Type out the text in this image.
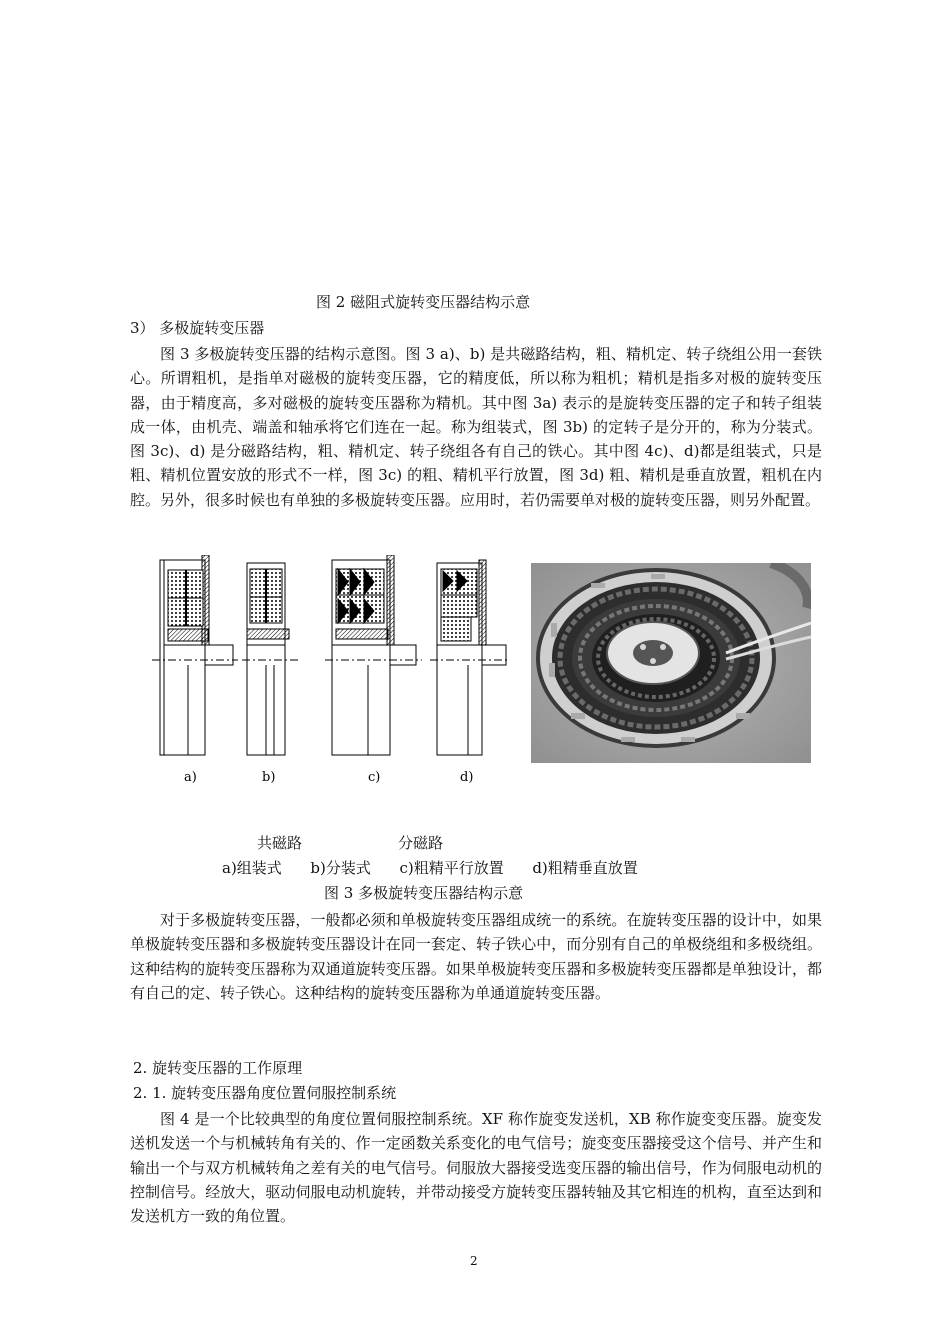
图 2 磁阻式旋转变压器结构示意
3） 多极旋转变压器
图 3 多极旋转变压器的结构示意图。图 3 a)、b) 是共磁路结构，粗、精机定、转子绕组公用一套铁心。所谓粗机，是指单对磁极的旋转变压器，它的精度低，所以称为粗机；精机是指多对极的旋转变压器，由于精度高，多对磁极的旋转变压器称为精机。其中图 3a) 表示的是旋转变压器的定子和转子组装成一体，由机壳、端盖和轴承将它们连在一起。称为组装式，图 3b) 的定转子是分开的，称为分装式。图 3c)、d) 是分磁路结构，粗、精机定、转子绕组各有自己的铁心。其中图 4c)、d)都是组装式，只是粗、精机位置安放的形式不一样，图 3c) 的粗、精机平行放置，图 3d) 粗、精机是垂直放置，粗机在内腔。另外，很多时候也有单独的多极旋转变压器。应用时，若仍需要单对极的旋转变压器，则另外配置。
a)	b)	c)	d)
共磁路	分磁路
a)组装式      b)分装式      c)粗精平行放置      d)粗精垂直放置
图 3 多极旋转变压器结构示意
对于多极旋转变压器，一般都必须和单极旋转变压器组成统一的系统。在旋转变压器的设计中，如果单极旋转变压器和多极旋转变压器设计在同一套定、转子铁心中，而分别有自己的单极绕组和多极绕组。这种结构的旋转变压器称为双通道旋转变压器。如果单极旋转变压器和多极旋转变压器都是单独设计，都有自己的定、转子铁心。这种结构的旋转变压器称为单通道旋转变压器。
2. 旋转变压器的工作原理
2. 1. 旋转变压器角度位置伺服控制系统
图 4 是一个比较典型的角度位置伺服控制系统。XF 称作旋变发送机，XB 称作旋变变压器。旋变发送机发送一个与机械转角有关的、作一定函数关系变化的电气信号；旋变变压器接受这个信号、并产生和输出一个与双方机械转角之差有关的电气信号。伺服放大器接受选变压器的输出信号，作为伺服电动机的控制信号。经放大，驱动伺服电动机旋转，并带动接受方旋转变压器转轴及其它相连的机构，直至达到和发送机方一致的角位置。
2
